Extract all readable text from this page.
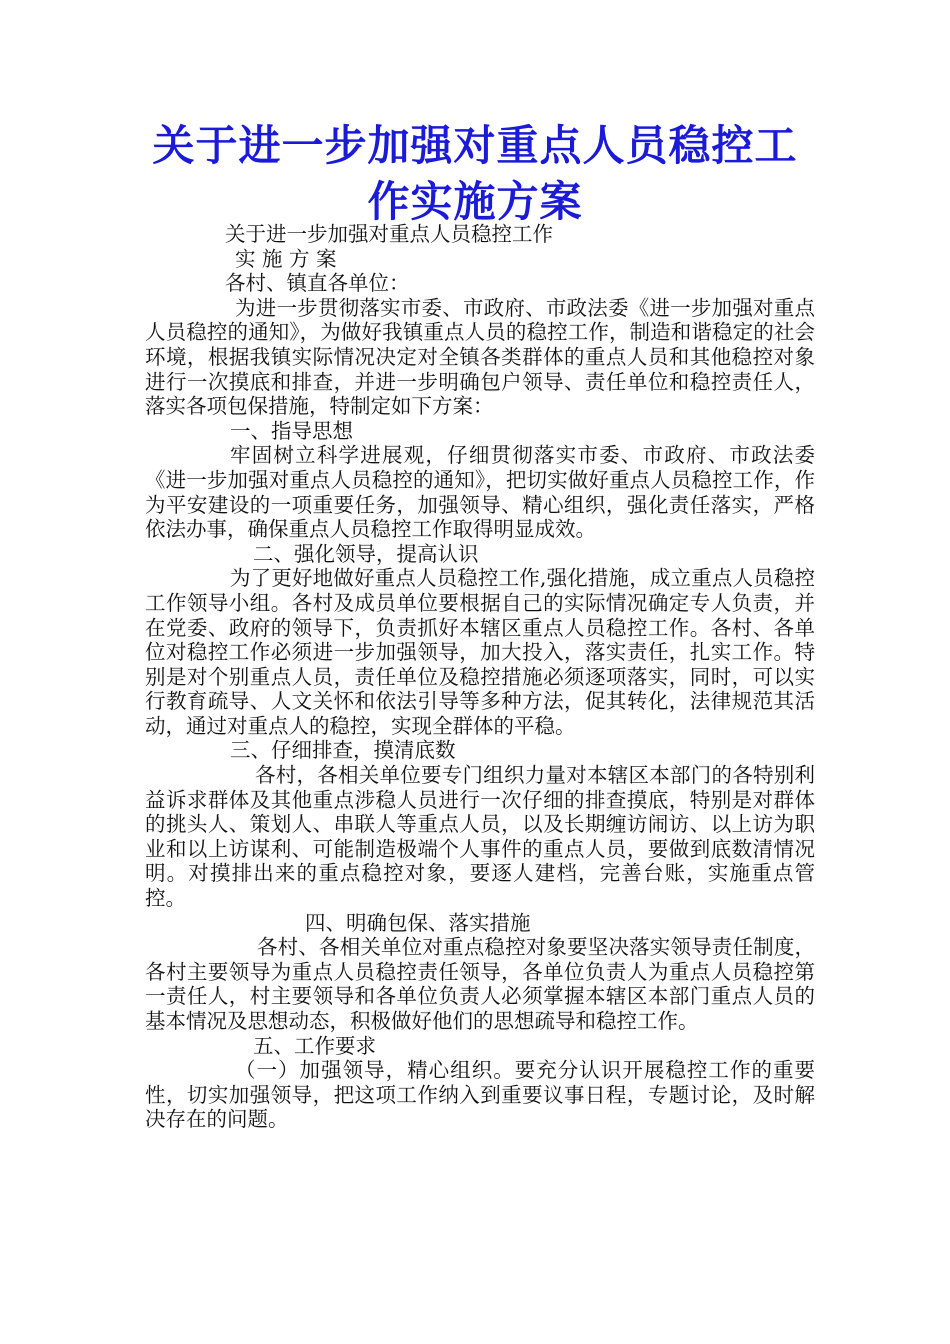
关于进一步加强对重点人员稳控工作实施方案
关于进一步加强对重点人员稳控工作
实 施 方 案
各村、镇直各单位：
为进一步贯彻落实市委、市政府、市政法委《进一步加强对重点人员稳控的通知》，为做好我镇重点人员的稳控工作，制造和谐稳定的社会环境，根据我镇实际情况决定对全镇各类群体的重点人员和其他稳控对象进行一次摸底和排查，并进一步明确包户领导、责任单位和稳控责任人，落实各项包保措施，特制定如下方案：
一、指导思想
牢固树立科学进展观，仔细贯彻落实市委、市政府、市政法委《进一步加强对重点人员稳控的通知》，把切实做好重点人员稳控工作，作为平安建设的一项重要任务，加强领导、精心组织，强化责任落实，严格依法办事，确保重点人员稳控工作取得明显成效。
二、强化领导，提高认识
为了更好地做好重点人员稳控工作,强化措施，成立重点人员稳控工作领导小组。各村及成员单位要根据自己的实际情况确定专人负责，并在党委、政府的领导下，负责抓好本辖区重点人员稳控工作。各村、各单位对稳控工作必须进一步加强领导，加大投入，落实责任，扎实工作。特别是对个别重点人员，责任单位及稳控措施必须逐项落实，同时，可以实行教育疏导、人文关怀和依法引导等多种方法，促其转化，法律规范其活动，通过对重点人的稳控，实现全群体的平稳。
三、仔细排查，摸清底数
各村，各相关单位要专门组织力量对本辖区本部门的各特别利益诉求群体及其他重点涉稳人员进行一次仔细的排查摸底，特别是对群体的挑头人、策划人、串联人等重点人员，以及长期缠访闹访、以上访为职业和以上访谋利、可能制造极端个人事件的重点人员，要做到底数清情况明。对摸排出来的重点稳控对象，要逐人建档，完善台账，实施重点管控。
四、明确包保、落实措施
各村、各相关单位对重点稳控对象要坚决落实领导责任制度，各村主要领导为重点人员稳控责任领导，各单位负责人为重点人员稳控第一责任人，村主要领导和各单位负责人必须掌握本辖区本部门重点人员的基本情况及思想动态，积极做好他们的思想疏导和稳控工作。
五、工作要求
（一）加强领导，精心组织。要充分认识开展稳控工作的重要性，切实加强领导，把这项工作纳入到重要议事日程，专题讨论，及时解决存在的问题。
